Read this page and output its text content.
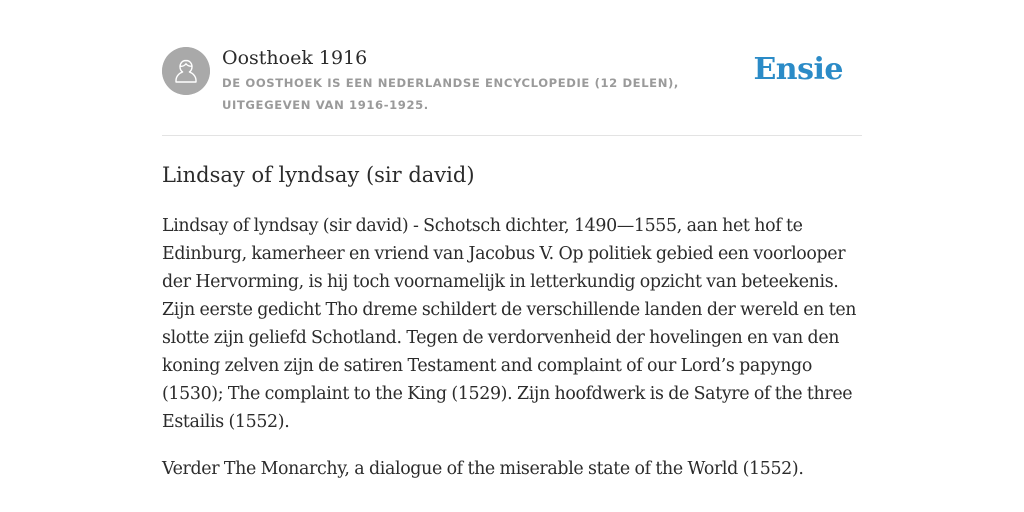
Oosthoek 1916
DE OOSTHOEK IS EEN NEDERLANDSE ENCYCLOPEDIE (12 DELEN), UITGEGEVEN VAN 1916-1925.
Ensie
Lindsay of lyndsay (sir david)

Lindsay of lyndsay (sir david) - Schotsch dichter, 1490—1555, aan het hof te Edinburg, kamerheer en vriend van Jacobus V. Op politiek gebied een voorlooper der Hervorming, is hij toch voornamelijk in letterkundig opzicht van beteekenis. Zijn eerste gedicht Tho dreme schildert de verschillende landen der wereld en ten slotte zijn geliefd Schotland. Tegen de verdorvenheid der hovelingen en van den koning zelven zijn de satiren Testament and complaint of our Lord’s papyngo (1530); The complaint to the King (1529). Zijn hoofdwerk is de Satyre of the three Estailis (1552).

Verder The Monarchy, a dialogue of the miserable state of the World (1552).
